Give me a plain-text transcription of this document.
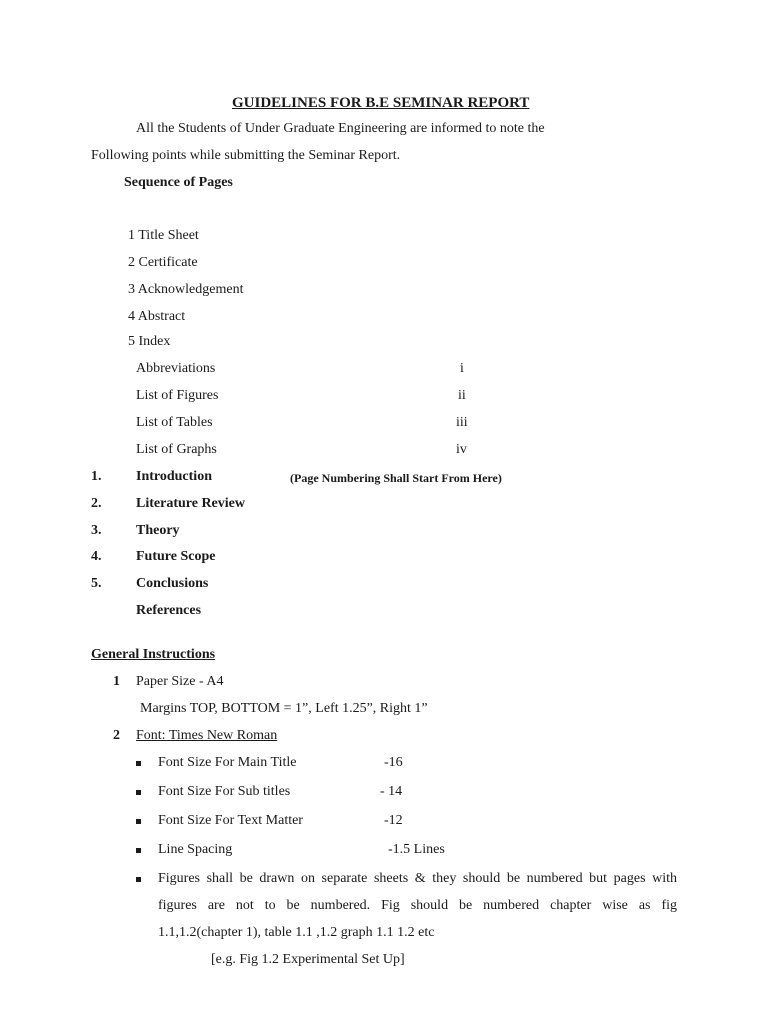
GUIDELINES FOR B.E SEMINAR REPORT
All the Students of Under Graduate Engineering are informed to note the
Following points while submitting the Seminar Report.
Sequence of Pages
1 Title Sheet
2 Certificate
3 Acknowledgement
4 Abstract
5 Index
Abbreviations	i
List of Figures	ii
List of Tables	iii
List of Graphs	iv
1. Introduction	(Page Numbering Shall Start From Here)
2. Literature Review
3. Theory
4. Future Scope
5. Conclusions
References
General Instructions
1 Paper Size - A4
Margins TOP, BOTTOM = 1”, Left 1.25”, Right 1”
2 Font: Times New Roman
Font Size For Main Title	-16
Font Size For Sub titles	- 14
Font Size For Text Matter	-12
Line Spacing	-1.5 Lines
Figures shall be drawn on separate sheets & they should be numbered but pages with
figures are not to be numbered. Fig should be numbered chapter wise as fig
1.1,1.2(chapter 1), table 1.1 ,1.2 graph 1.1 1.2 etc
[e.g. Fig 1.2 Experimental Set Up]
